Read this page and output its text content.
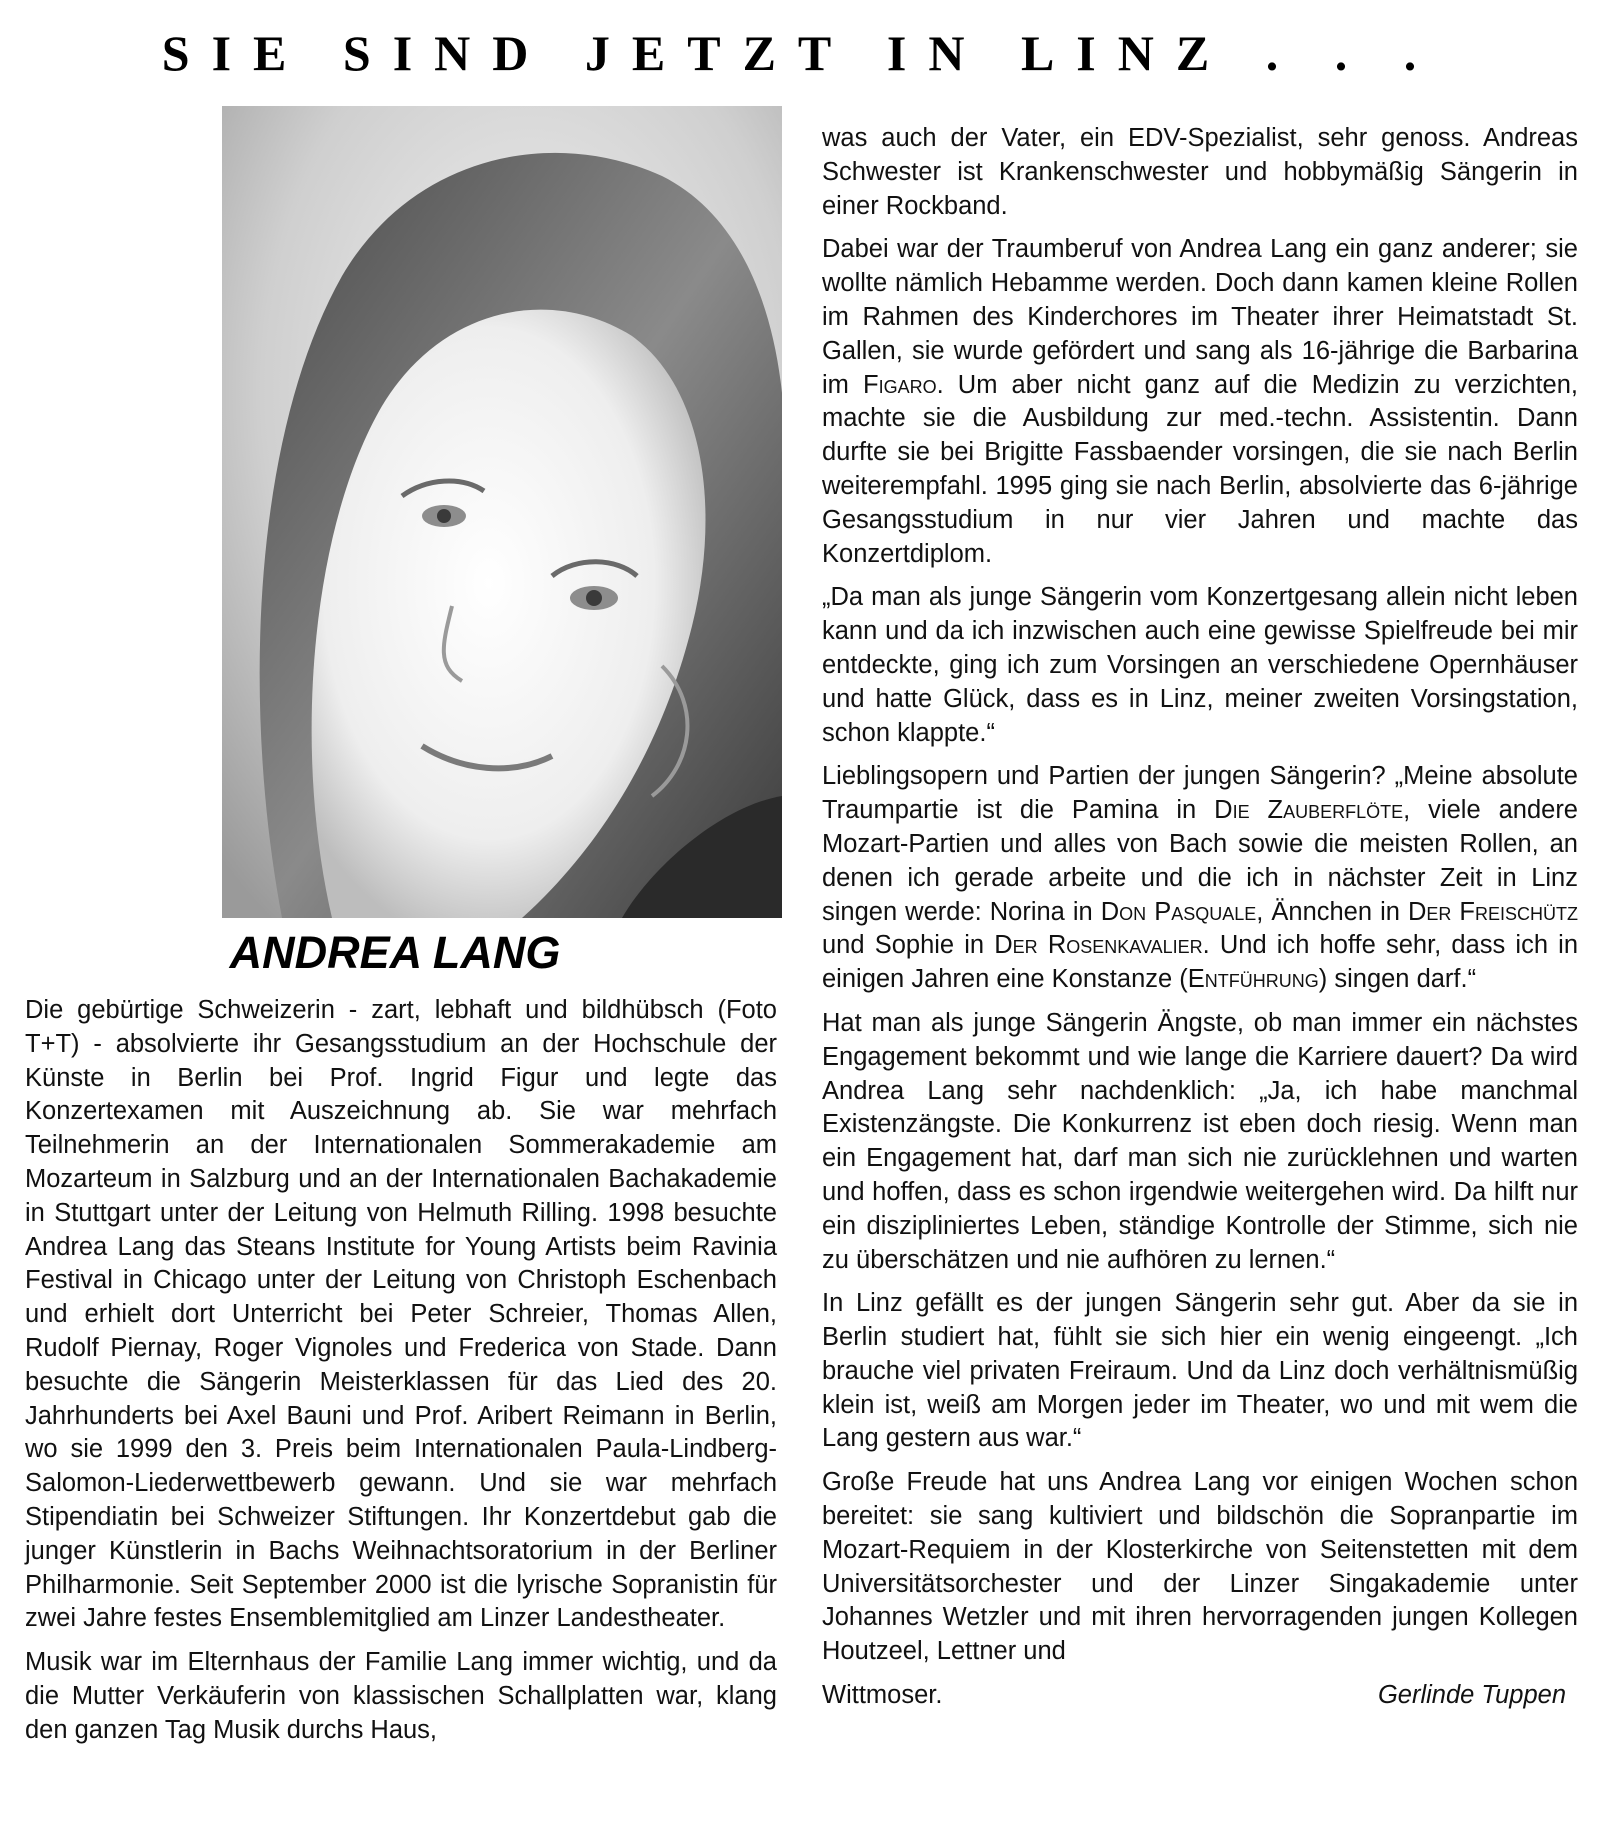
SIE SIND JETZT IN LINZ . . .
ANDREA LANG

Die gebürtige Schweizerin - zart, lebhaft und bildhübsch (Foto T+T) - absolvierte ihr Gesangsstudium an der Hochschule der Künste in Berlin bei Prof. Ingrid Figur und legte das Konzertexamen mit Auszeichnung ab. Sie war mehrfach Teilnehmerin an der Internationalen Sommerakademie am Mozarteum in Salzburg und an der Internationalen Bachakademie in Stuttgart unter der Leitung von Helmuth Rilling. 1998 besuchte Andrea Lang das Steans Institute for Young Artists beim Ravinia Festival in Chicago unter der Leitung von Christoph Eschenbach und erhielt dort Unterricht bei Peter Schreier, Thomas Allen, Rudolf Piernay, Roger Vignoles und Frederica von Stade. Dann besuchte die Sängerin Meisterklassen für das Lied des 20. Jahrhunderts bei Axel Bauni und Prof. Aribert Reimann in Berlin, wo sie 1999 den 3. Preis beim Internationalen Paula-Lindberg-Salomon-Liederwettbewerb gewann. Und sie war mehrfach Stipendiatin bei Schweizer Stiftungen. Ihr Konzertdebut gab die junger Künstlerin in Bachs Weihnachtsoratorium in der Berliner Philharmonie. Seit September 2000 ist die lyrische Sopranistin für zwei Jahre festes Ensemblemitglied am Linzer Landestheater.

Musik war im Elternhaus der Familie Lang immer wichtig, und da die Mutter Verkäuferin von klassischen Schallplatten war, klang den ganzen Tag Musik durchs Haus,

was auch der Vater, ein EDV-Spezialist, sehr genoss. Andreas Schwester ist Krankenschwester und hobbymäßig Sängerin in einer Rockband.

Dabei war der Traumberuf von Andrea Lang ein ganz anderer; sie wollte nämlich Hebamme werden. Doch dann kamen kleine Rollen im Rahmen des Kinderchores im Theater ihrer Heimatstadt St. Gallen, sie wurde gefördert und sang als 16-jährige die Barbarina im Figaro. Um aber nicht ganz auf die Medizin zu verzichten, machte sie die Ausbildung zur med.-techn. Assistentin. Dann durfte sie bei Brigitte Fassbaender vorsingen, die sie nach Berlin weiterempfahl. 1995 ging sie nach Berlin, absolvierte das 6-jährige Gesangsstudium in nur vier Jahren und machte das Konzertdiplom.

„Da man als junge Sängerin vom Konzertgesang allein nicht leben kann und da ich inzwischen auch eine gewisse Spielfreude bei mir entdeckte, ging ich zum Vorsingen an verschiedene Opernhäuser und hatte Glück, dass es in Linz, meiner zweiten Vorsingstation, schon klappte.“

Lieblingsopern und Partien der jungen Sängerin? „Meine absolute Traumpartie ist die Pamina in Die Zauberflöte, viele andere Mozart-Partien und alles von Bach sowie die meisten Rollen, an denen ich gerade arbeite und die ich in nächster Zeit in Linz singen werde: Norina in Don Pasquale, Ännchen in Der Freischütz und Sophie in Der Rosenkavalier. Und ich hoffe sehr, dass ich in einigen Jahren eine Konstanze (Entführung) singen darf.“

Hat man als junge Sängerin Ängste, ob man immer ein nächstes Engagement bekommt und wie lange die Karriere dauert? Da wird Andrea Lang sehr nachdenklich: „Ja, ich habe manchmal Existenzängste. Die Konkurrenz ist eben doch riesig. Wenn man ein Engagement hat, darf man sich nie zurücklehnen und warten und hoffen, dass es schon irgendwie weitergehen wird. Da hilft nur ein diszipliniertes Leben, ständige Kontrolle der Stimme, sich nie zu überschätzen und nie aufhören zu lernen.“

In Linz gefällt es der jungen Sängerin sehr gut. Aber da sie in Berlin studiert hat, fühlt sie sich hier ein wenig eingeengt. „Ich brauche viel privaten Freiraum. Und da Linz doch verhältnismüßig klein ist, weiß am Morgen jeder im Theater, wo und mit wem die Lang gestern aus war.“

Große Freude hat uns Andrea Lang vor einigen Wochen schon bereitet: sie sang kultiviert und bildschön die Sopranpartie im Mozart-Requiem in der Klosterkirche von Seitenstetten mit dem Universitätsorchester und der Linzer Singakademie unter Johannes Wetzler und mit ihren hervorragenden jungen Kollegen Houtzeel, Lettner und

Wittmoser.	Gerlinde Tuppen
